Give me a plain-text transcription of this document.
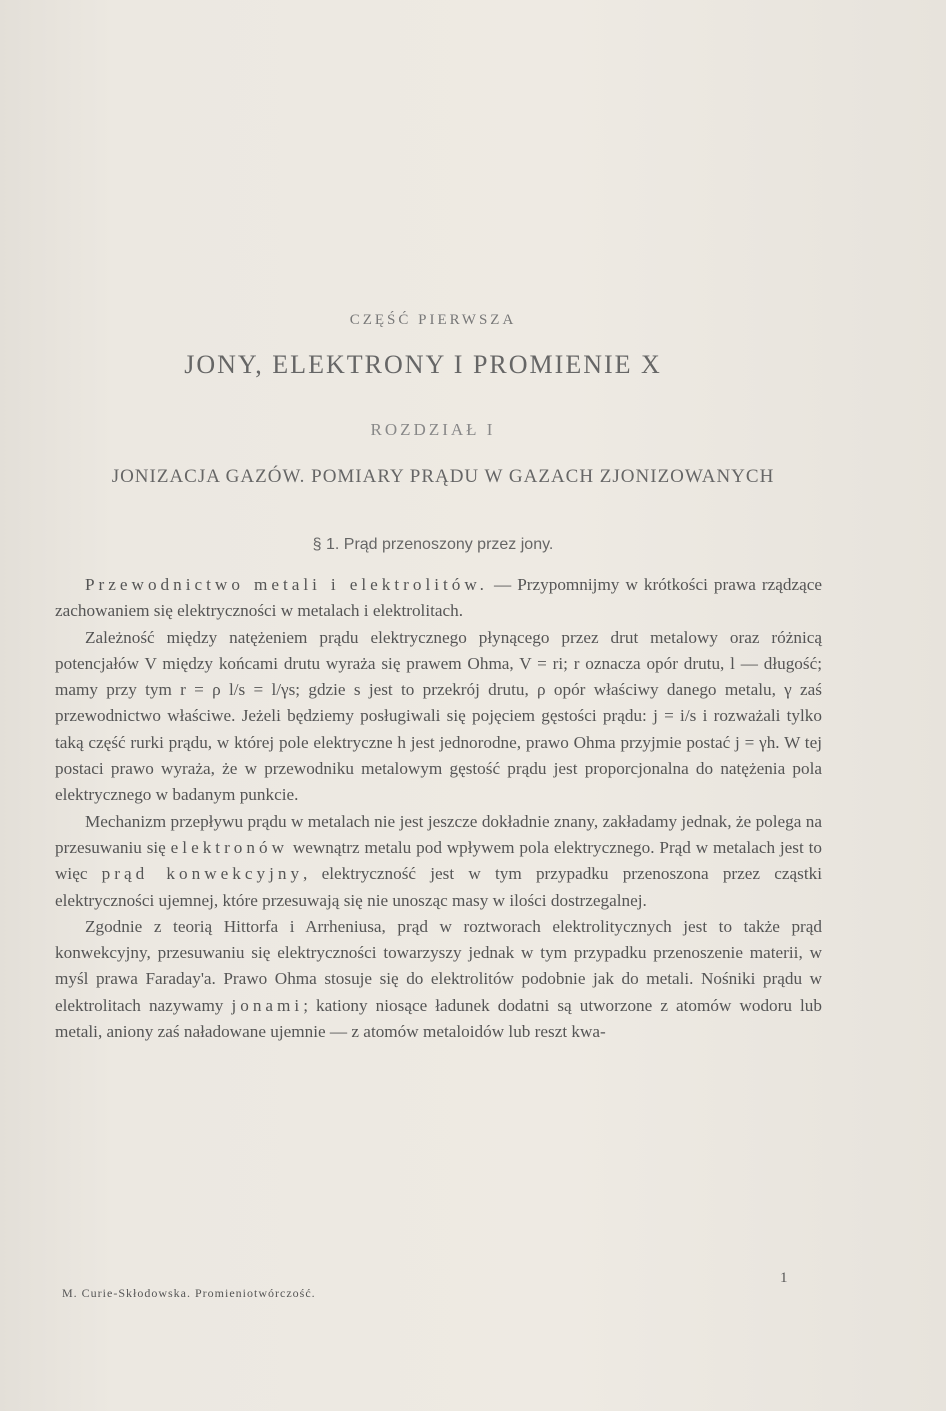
CZĘŚĆ PIERWSZA
JONY, ELEKTRONY I PROMIENIE X
ROZDZIAŁ I
JONIZACJA GAZÓW. POMIARY PRĄDU W GAZACH ZJONIZOWANYCH
§ 1. Prąd przenoszony przez jony.

Przewodnictwo metali i elektrolitów. — Przypomnijmy w krótkości prawa rządzące zachowaniem się elektryczności w metalach i elektrolitach.

Zależność między natężeniem prądu elektrycznego płynącego przez drut metalowy oraz różnicą potencjałów V między końcami drutu wyraża się prawem Ohma, V = ri; r oznacza opór drutu, l — długość; mamy przy tym r = ρ l/s = l/γs; gdzie s jest to przekrój drutu, ρ opór właściwy danego metalu, γ zaś przewodnictwo właściwe. Jeżeli będziemy posługiwali się pojęciem gęstości prądu: j = i/s i rozważali tylko taką część rurki prądu, w której pole elektryczne h jest jednorodne, prawo Ohma przyjmie postać j = γh. W tej postaci prawo wyraża, że w przewodniku metalowym gęstość prądu jest proporcjonalna do natężenia pola elektrycznego w badanym punkcie.

Mechanizm przepływu prądu w metalach nie jest jeszcze dokładnie znany, zakładamy jednak, że polega na przesuwaniu się elektronów wewnątrz metalu pod wpływem pola elektrycznego. Prąd w metalach jest to więc prąd konwekcyjny, elektryczność jest w tym przypadku przenoszona przez cząstki elektryczności ujemnej, które przesuwają się nie unosząc masy w ilości dostrzegalnej.

Zgodnie z teorią Hittorfa i Arrheniusa, prąd w roztworach elektrolitycznych jest to także prąd konwekcyjny, przesuwaniu się elektryczności towarzyszy jednak w tym przypadku przenoszenie materii, w myśl prawa Faraday'a. Prawo Ohma stosuje się do elektrolitów podobnie jak do metali. Nośniki prądu w elektrolitach nazywamy jonami; kationy niosące ładunek dodatni są utworzone z atomów wodoru lub metali, aniony zaś naładowane ujemnie — z atomów metaloidów lub reszt kwa-

1
M. Curie-Skłodowska. Promieniotwórczość.
